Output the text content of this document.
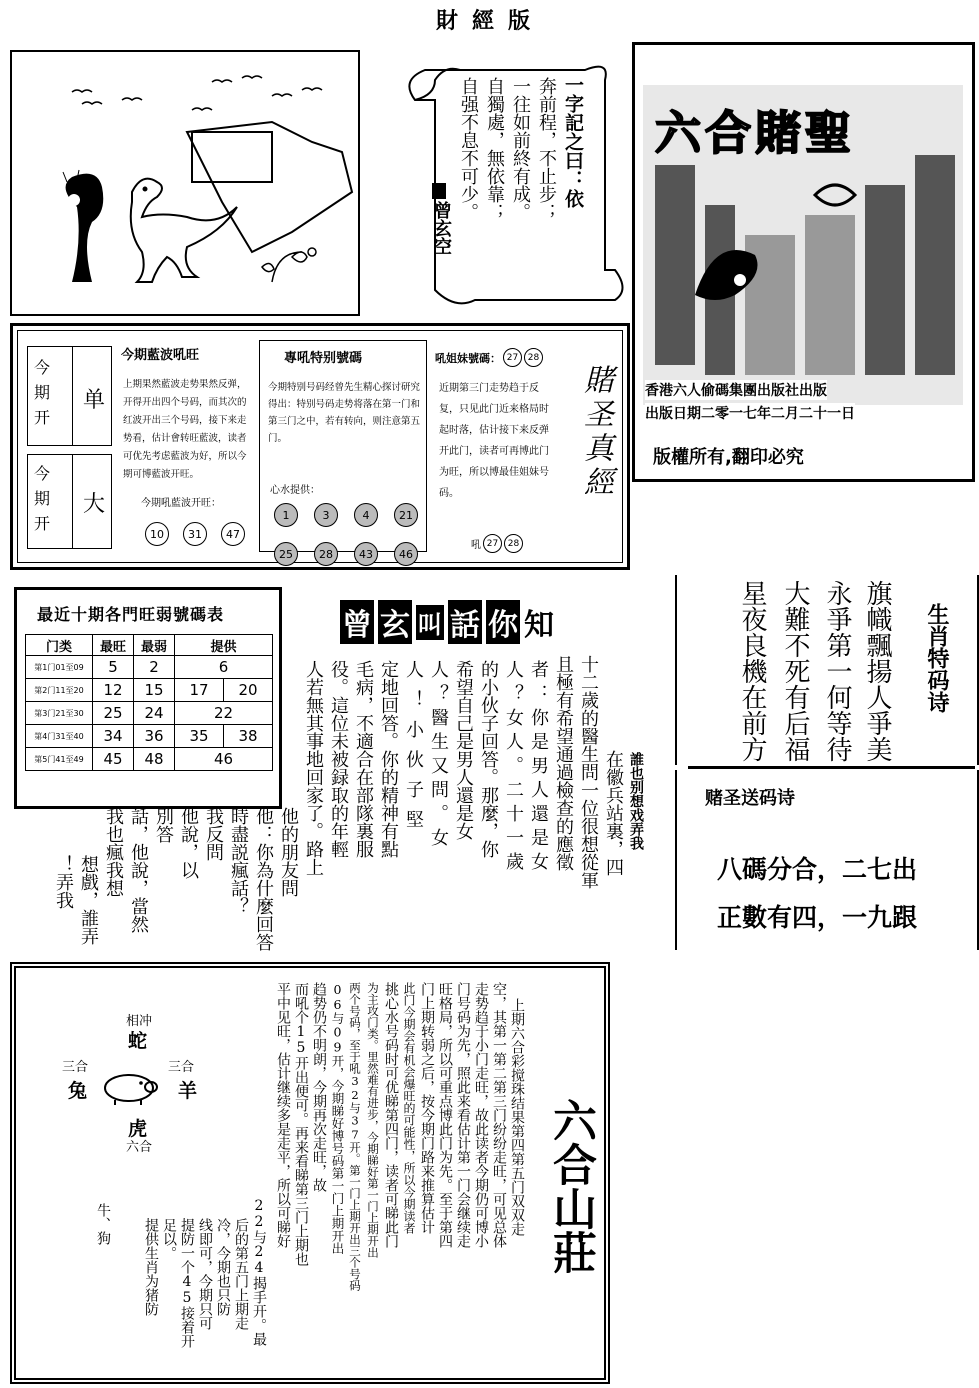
財經版
一字記之曰：依
奔前程，不止步；
一往如前終有成。
自獨處，無依靠；
自强不息不可少。
曾玄空
六合賭聖
香港六人偷碼集團出版社出版
出版日期二零一七年二月二十一日
版權所有,翻印必究
今期开
单
今期开
大
今期藍波吼旺
上期果然藍波走势果然反弹，开得开出四个号码，而其次的红波开出三个号码，接下来走势看，估计會转旺藍波，读者可优先考虑藍波为好，所以今期可博藍波开旺。
今期吼藍波开旺：
10	31	47
專吼特别號碼
今期特别号码经曾先生精心探讨研究得出：特别号码走势将落在第一门和第三门之中，若有转向，则注意第五门。
心水提供：
1	3	4	21
25	28	43	46
吼姐妹號碼： 27	28
近期第三门走势趋于反复，只见此门近来格局时起时落，估计接下来反弹开此门，读者可再博此门为旺，所以博最佳姐妹号码。
吼 27	28
賭圣真經
最近十期各門旺弱號碼表
门类	最旺	最弱	提供	
第1门01至09	5	2	6	
第2门11至20	12	15	17	20
第3门21至30	25	24	22	
第4门31至40	34	36	35	38
第5门41至49	45	48	46	
曾 玄 叫 話 你 知
誰也别想戏弄我
在徽兵站裏，四
十二歲的醫生問一位很想從軍
且極有希望通過檢查的應徵
者：你是男人還是女
人？女人。二十一歲
的小伙子回答。那麼，你
希望自己是男人還是女
人？醫生又問。女
人！小伙子堅
定地回答。你的精神有點
毛病，不適合在部隊裏服
役。這位未被録取的年輕
人若無其事地回家了。路上
他的朋友問
他：你為什麼回答
時盡説瘋話？
我反問
他說，以
別答
話，他說，當然
我也瘋我想
想戲，誰弄
！弄我
生肖特码诗
旗幟飄揚人爭美
永爭第一何等待
大難不死有后福
星夜良機在前方
赌圣送码诗
八碼分合，二七出
正數有四，一九跟
相冲
蛇
三合
兔
三合
羊
虎
六合	六合山莊
上期六合彩搅珠结果第四第五门双双走
空，其第一第二第三门纷纷走旺，可见总体
走势趋于小门走旺，故此读者今期仍可博小
门号码为先，照此来看估计第一门会继续走
旺格局，所以可重点博此门为先。至于第四
门上期转弱之后，按今期门路来推算估计
此门今期会有机会爆旺的可能性，所以今期读者
挑心水号码时可优睇第四门，读者可睇此门
为主攻门类。里然难有进步，今期睇好第一门上期开出
两个号码，至于吼32与37开。第一门上期开出三个号码
06与09开，今期睇好博号码第一门上期开出
趋势仍不明朗，今期再次走旺，故
而吼个15开出便可。再来看睇第三门上期也
平中见旺，估计继续多是走平，所以可睇好
22与24揭手开。最
后的第五门上期走
冷，今期也只防
线即可，今期只可
提防一个45接着开
足以。
提供生肖为猪防
牛、狗
